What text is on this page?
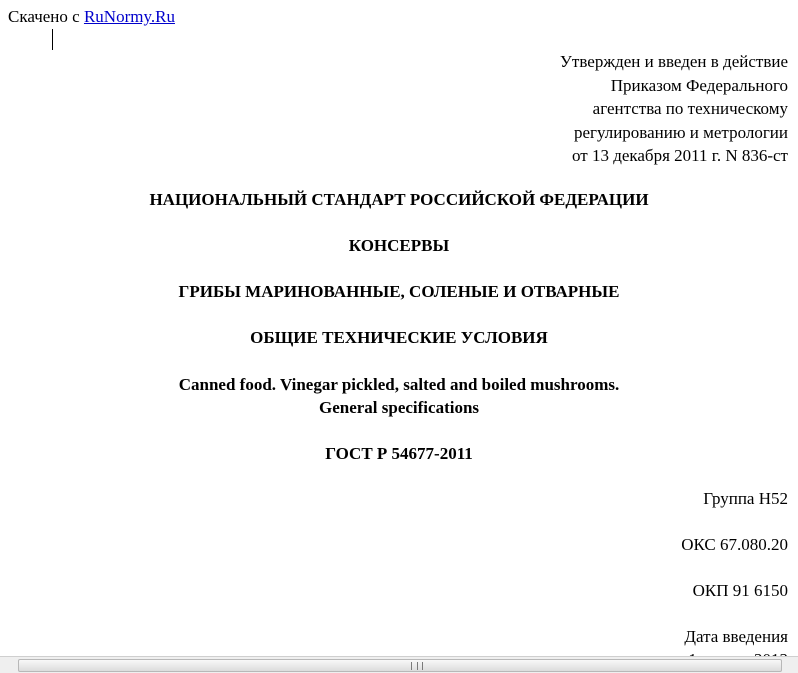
Скачено с RuNormy.Ru
Утвержден и введен в действие
Приказом Федерального
агентства по техническому
регулированию и метрологии
от 13 декабря 2011 г. N 836-ст
НАЦИОНАЛЬНЫЙ СТАНДАРТ РОССИЙСКОЙ ФЕДЕРАЦИИ
КОНСЕРВЫ
ГРИБЫ МАРИНОВАННЫЕ, СОЛЕНЫЕ И ОТВАРНЫЕ
ОБЩИЕ ТЕХНИЧЕСКИЕ УСЛОВИЯ
Canned food. Vinegar pickled, salted and boiled mushrooms.
General specifications
ГОСТ Р 54677-2011
Группа Н52
ОКС 67.080.20
ОКП 91 6150
Дата введения
